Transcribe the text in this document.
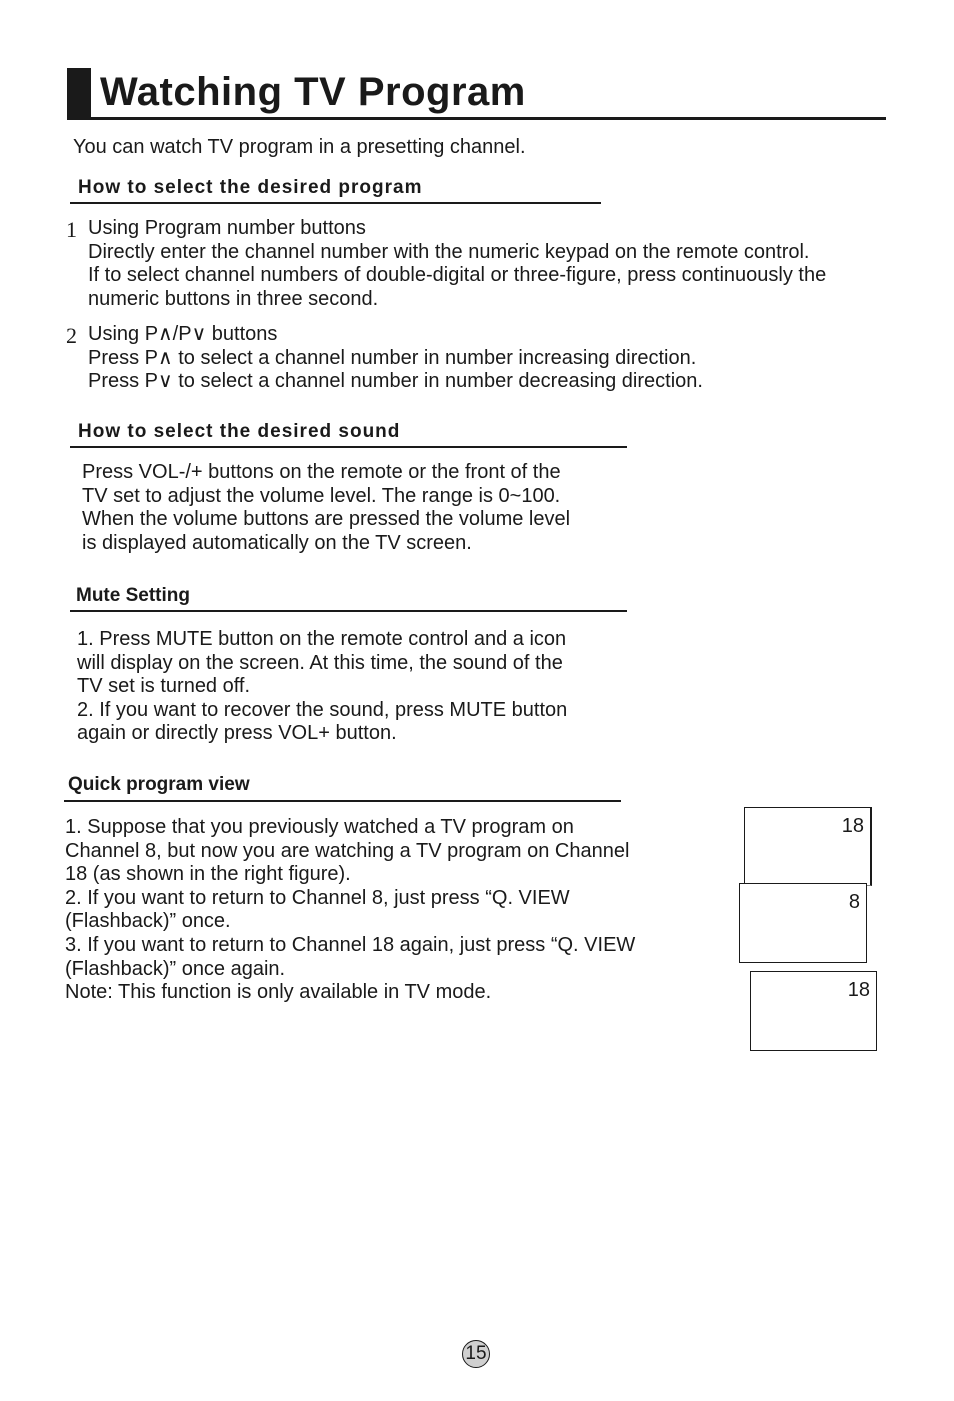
Watching TV Program
You can watch TV program in a presetting channel.
How to select the desired program
1 Using Program number buttons
Directly enter the channel number with the numeric keypad on the remote control.
If to select channel numbers of double-digital or three-figure, press continuously the
numeric buttons in three second.
2 Using P∧/P∨ buttons
Press P∧ to select a channel number in number increasing direction.
Press P∨ to select a channel number in number decreasing direction.
How to select the desired sound
Press VOL-/+ buttons on the remote or the front of the
TV set to adjust the volume level. The range is 0~100.
When the volume buttons are pressed the volume level
is displayed automatically on the TV screen.
Mute Setting
1. Press MUTE button on the remote control and a icon
will display on the screen. At this time, the sound of the
TV set is turned off.
2. If you want to recover the sound, press MUTE button
again or directly press VOL+ button.
Quick program view
1. Suppose that you previously watched a TV program on
Channel 8, but now you are watching a TV program on Channel
18 (as shown in the right figure).
2. If you want to return to Channel 8, just press “Q. VIEW
(Flashback)” once.
3. If you want to return to Channel 18 again, just press “Q. VIEW
(Flashback)” once again.
Note: This function is only available in TV mode.
18
8
18
15
